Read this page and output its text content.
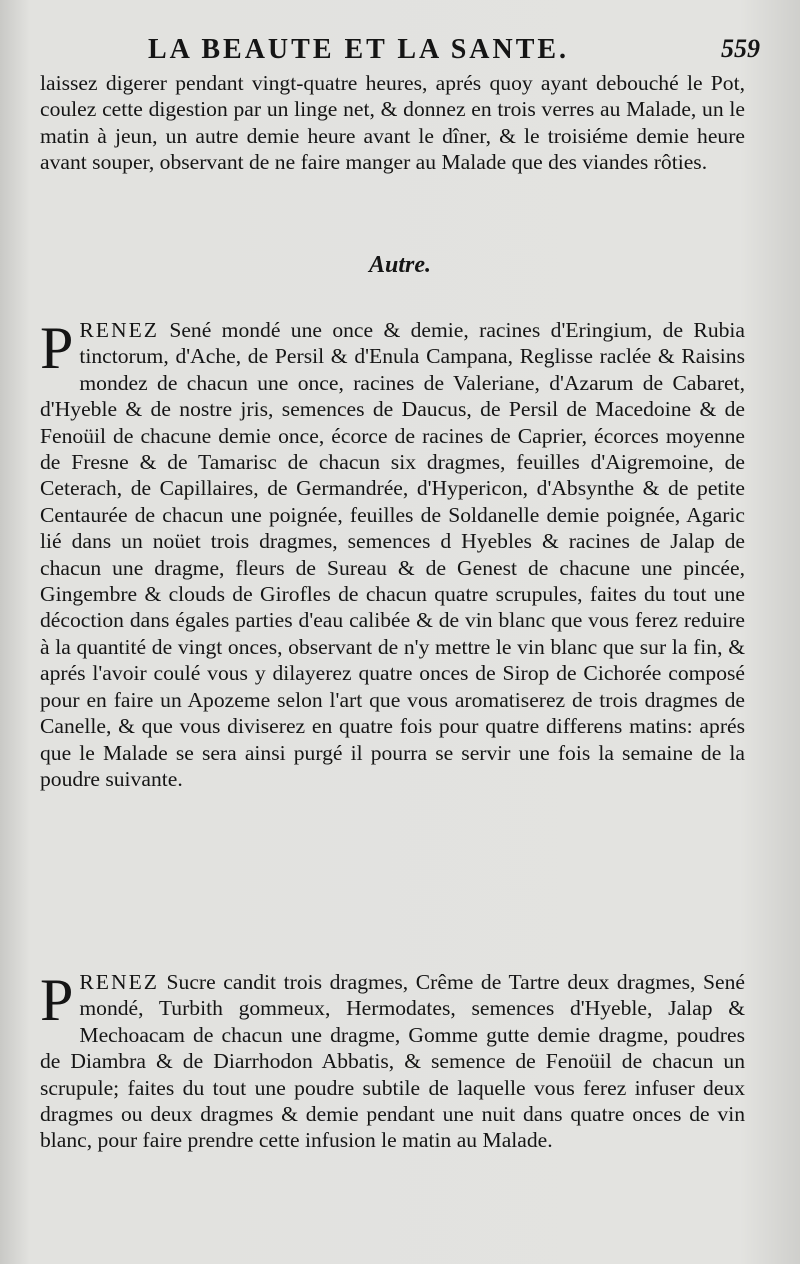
LA BEAUTE ET LA SANTE.	559
laissez digerer pendant vingt-quatre heures, aprés quoy ayant debouché le Pot, coulez cette digestion par un linge net, & donnez en trois verres au Malade, un le matin à jeun, un autre demie heure avant le dîner, & le troisiéme demie heure avant souper, observant de ne faire manger au Malade que des viandes rôties.
Autre.
PRENEZ Sené mondé une once & demie, racines d'Eringium, de Rubia tinctorum, d'Ache, de Persil & d'Enula Campana, Reglisse raclée & Raisins mondez de chacun une once, racines de Valeriane, d'Azarum de Cabaret, d'Hyeble & de nostre jris, semences de Daucus, de Persil de Macedoine & de Fenoüil de chacune demie once, écorce de racines de Caprier, écorces moyenne de Fresne & de Tamarisc de chacun six dragmes, feuilles d'Aigremoine, de Ceterach, de Capillaires, de Germandrée, d'Hypericon, d'Absynthe & de petite Centaurée de chacun une poignée, feuilles de Soldanelle demie poignée, Agaric lié dans un noüet trois dragmes, semences d Hyebles & racines de Jalap de chacun une dragme, fleurs de Sureau & de Genest de chacune une pincée, Gingembre & clouds de Girofles de chacun quatre scrupules, faites du tout une décoction dans égales parties d'eau calibée & de vin blanc que vous ferez reduire à la quantité de vingt onces, observant de n'y mettre le vin blanc que sur la fin, & aprés l'avoir coulé vous y dilayerez quatre onces de Sirop de Cichorée composé pour en faire un Apozeme selon l'art que vous aromatiserez de trois dragmes de Canelle, & que vous diviserez en quatre fois pour quatre differens matins: aprés que le Malade se sera ainsi purgé il pourra se servir une fois la semaine de la poudre suivante.
PRENEZ Sucre candit trois dragmes, Crême de Tartre deux dragmes, Sené mondé, Turbith gommeux, Hermodates, semences d'Hyeble, Jalap & Mechoacam de chacun une dragme, Gomme gutte demie dragme, poudres de Diambra & de Diarrhodon Abbatis, & semence de Fenoüil de chacun un scrupule; faites du tout une poudre subtile de laquelle vous ferez infuser deux dragmes ou deux dragmes & demie pendant une nuit dans quatre onces de vin blanc, pour faire prendre cette infusion le matin au Malade.
